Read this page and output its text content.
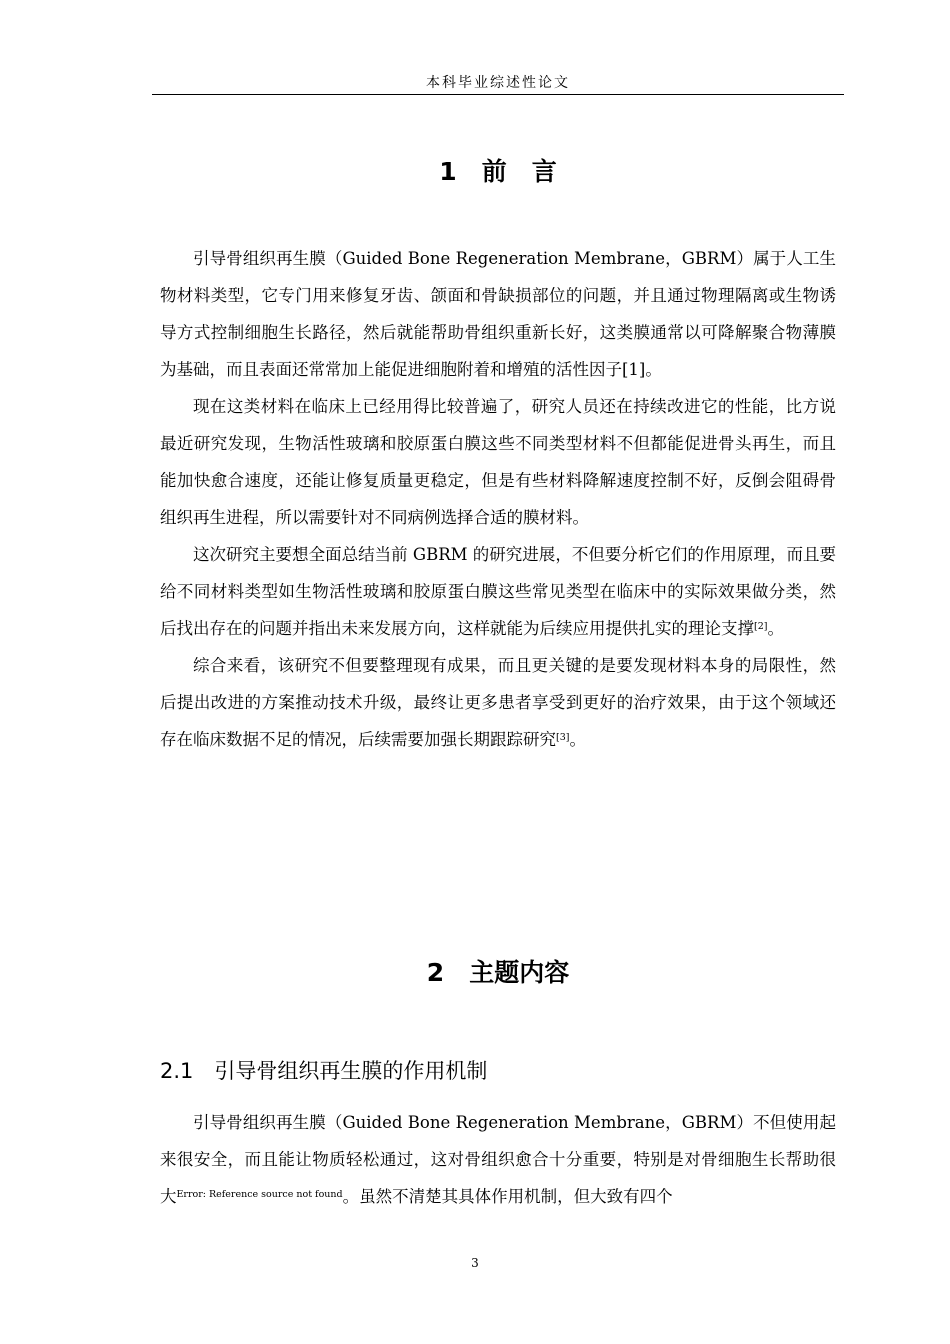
本科毕业综述性论文
1　前　言

引导骨组织再生膜（Guided Bone Regeneration Membrane，GBRM）属于人工生物材料类型，它专门用来修复牙齿、颌面和骨缺损部位的问题，并且通过物理隔离或生物诱导方式控制细胞生长路径，然后就能帮助骨组织重新长好，这类膜通常以可降解聚合物薄膜为基础，而且表面还常常加上能促进细胞附着和增殖的活性因子[1]。

现在这类材料在临床上已经用得比较普遍了，研究人员还在持续改进它的性能，比方说最近研究发现，生物活性玻璃和胶原蛋白膜这些不同类型材料不但都能促进骨头再生，而且能加快愈合速度，还能让修复质量更稳定，但是有些材料降解速度控制不好，反倒会阻碍骨组织再生进程，所以需要针对不同病例选择合适的膜材料。

这次研究主要想全面总结当前 GBRM 的研究进展，不但要分析它们的作用原理，而且要给不同材料类型如生物活性玻璃和胶原蛋白膜这些常见类型在临床中的实际效果做分类，然后找出存在的问题并指出未来发展方向，这样就能为后续应用提供扎实的理论支撑[2]。

综合来看，该研究不但要整理现有成果，而且更关键的是要发现材料本身的局限性，然后提出改进的方案推动技术升级，最终让更多患者享受到更好的治疗效果，由于这个领域还存在临床数据不足的情况，后续需要加强长期跟踪研究[3]。

2　主题内容
2.1　引导骨组织再生膜的作用机制

引导骨组织再生膜（Guided Bone Regeneration Membrane，GBRM）不但使用起来很安全，而且能让物质轻松通过，这对骨组织愈合十分重要，特别是对骨细胞生长帮助很大$^{Error: Reference source not found}$。虽然不清楚其具体作用机制，但大致有四个

3
